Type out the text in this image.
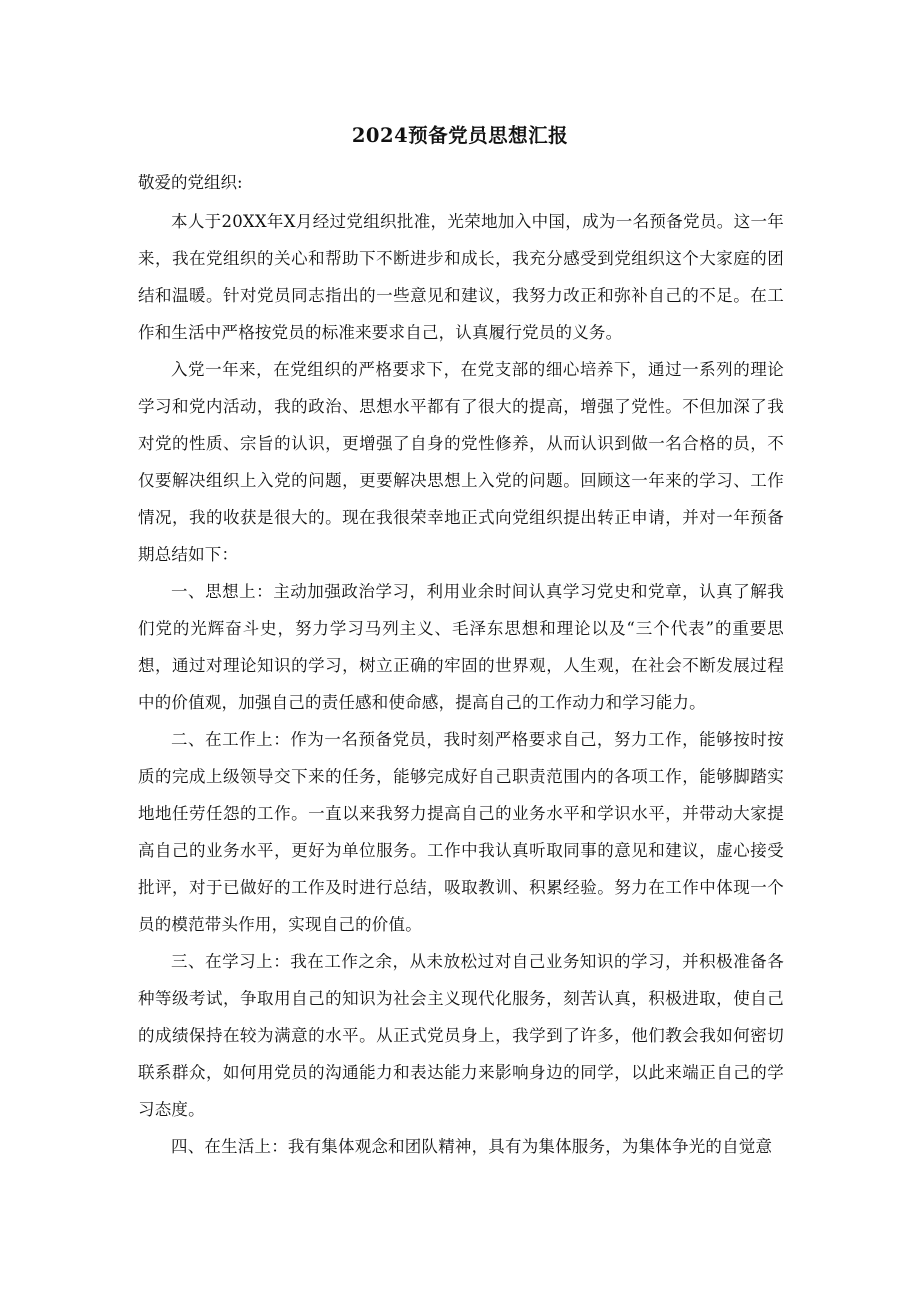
2024预备党员思想汇报
敬爱的党组织:

本人于20XX年X月经过党组织批准，光荣地加入中国，成为一名预备党员。这一年来，我在党组织的关心和帮助下不断进步和成长，我充分感受到党组织这个大家庭的团结和温暖。针对党员同志指出的一些意见和建议，我努力改正和弥补自己的不足。在工作和生活中严格按党员的标准来要求自己，认真履行党员的义务。

入党一年来，在党组织的严格要求下，在党支部的细心培养下，通过一系列的理论学习和党内活动，我的政治、思想水平都有了很大的提高，增强了党性。不但加深了我对党的性质、宗旨的认识，更增强了自身的党性修养，从而认识到做一名合格的员，不仅要解决组织上入党的问题，更要解决思想上入党的问题。回顾这一年来的学习、工作情况，我的收获是很大的。现在我很荣幸地正式向党组织提出转正申请，并对一年预备期总结如下：

一、思想上：主动加强政治学习，利用业余时间认真学习党史和党章，认真了解我们党的光辉奋斗史，努力学习马列主义、毛泽东思想和理论以及“三个代表”的重要思想，通过对理论知识的学习，树立正确的牢固的世界观，人生观，在社会不断发展过程中的价值观，加强自己的责任感和使命感，提高自己的工作动力和学习能力。

二、在工作上：作为一名预备党员，我时刻严格要求自己，努力工作，能够按时按质的完成上级领导交下来的任务，能够完成好自己职责范围内的各项工作，能够脚踏实地地任劳任怨的工作。一直以来我努力提高自己的业务水平和学识水平，并带动大家提高自己的业务水平，更好为单位服务。工作中我认真听取同事的意见和建议，虚心接受批评，对于已做好的工作及时进行总结，吸取教训、积累经验。努力在工作中体现一个员的模范带头作用，实现自己的价值。

三、在学习上：我在工作之余，从未放松过对自己业务知识的学习，并积极准备各种等级考试，争取用自己的知识为社会主义现代化服务，刻苦认真，积极进取，使自己的成绩保持在较为满意的水平。从正式党员身上，我学到了许多，他们教会我如何密切联系群众，如何用党员的沟通能力和表达能力来影响身边的同学，以此来端正自己的学习态度。

四、在生活上：我有集体观念和团队精神，具有为集体服务，为集体争光的自觉意
